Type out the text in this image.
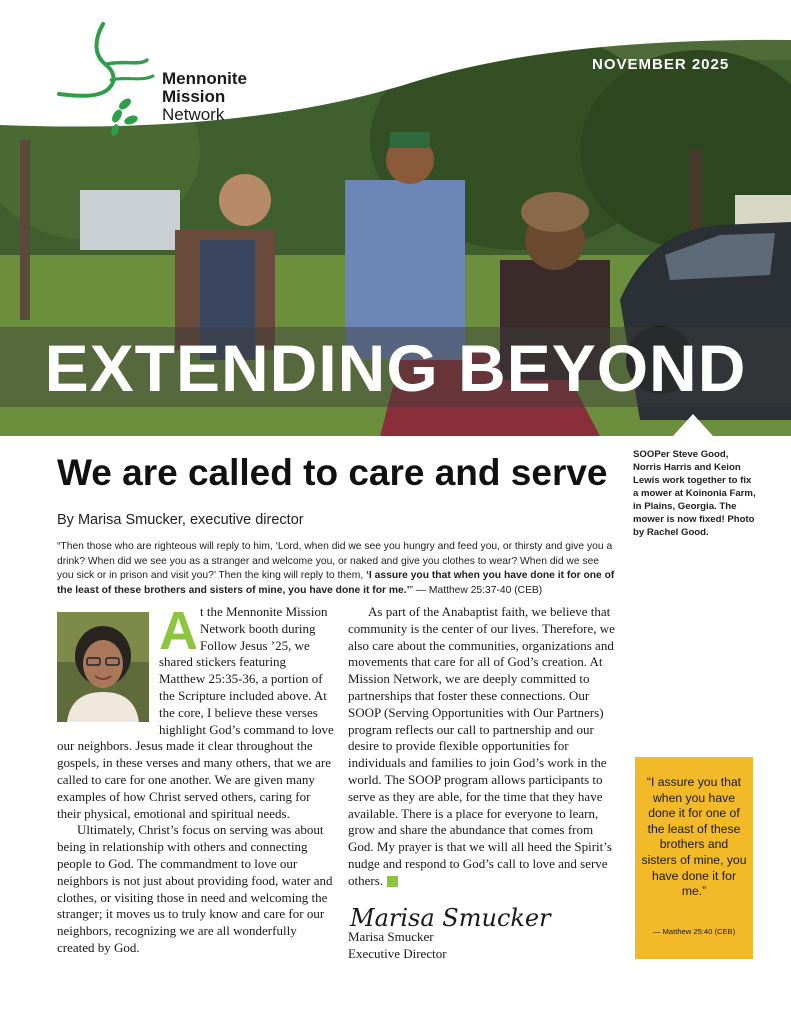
NOVEMBER 2025
Mennonite
Mission
Network
EXTENDING BEYOND
SOOPer Steve Good, Norris Harris and Keion Lewis work together to fix a mower at Koinonia Farm, in Plains, Georgia. The mower is now fixed! Photo by Rachel Good.
We are called to care and serve
By Marisa Smucker, executive director
“Then those who are righteous will reply to him, ‘Lord, when did we see you hungry and feed you, or thirsty and give you a drink? When did we see you as a stranger and welcome you, or naked and give you clothes to wear? When did we see you sick or in prison and visit you?’ Then the king will reply to them, ‘I assure you that when you have done it for one of the least of these brothers and sisters of mine, you have done it for me.’” — Matthew 25:37-40 (CEB)
A t the Mennonite Mission Network booth during Follow Jesus ’25, we shared stickers featuring Matthew 25:35-36, a portion of the Scripture included above. At the core, I believe these verses highlight God’s command to love our neighbors. Jesus made it clear throughout the gospels, in these verses and many others, that we are called to care for one another. We are given many examples of how Christ served others, caring for their physical, emotional and spiritual needs.

Ultimately, Christ’s focus on serving was about being in relationship with others and connecting people to God. The commandment to love our neighbors is not just about providing food, water and clothes, or visiting those in need and welcoming the stranger; it moves us to truly know and care for our neighbors, recognizing we are all wonderfully created by God.

As part of the Anabaptist faith, we believe that community is the center of our lives. Therefore, we also care about the communities, organizations and movements that care for all of God’s creation. At Mission Network, we are deeply committed to partnerships that foster these connections. Our SOOP (Serving Opportunities with Our Partners) program reflects our call to partnership and our desire to provide flexible opportunities for individuals and families to join God’s work in the world. The SOOP program allows participants to serve as they are able, for the time that they have available. There is a place for everyone to learn, grow and share the abundance that comes from God. My prayer is that we will all heed the Spirit’s nudge and respond to God’s call to love and serve others.

Marisa Smucker
Marisa Smucker
Executive Director
“I assure you that when you have done it for one of the least of these brothers and sisters of mine, you have done it for me.”
— Matthew 25:40 (CEB)
